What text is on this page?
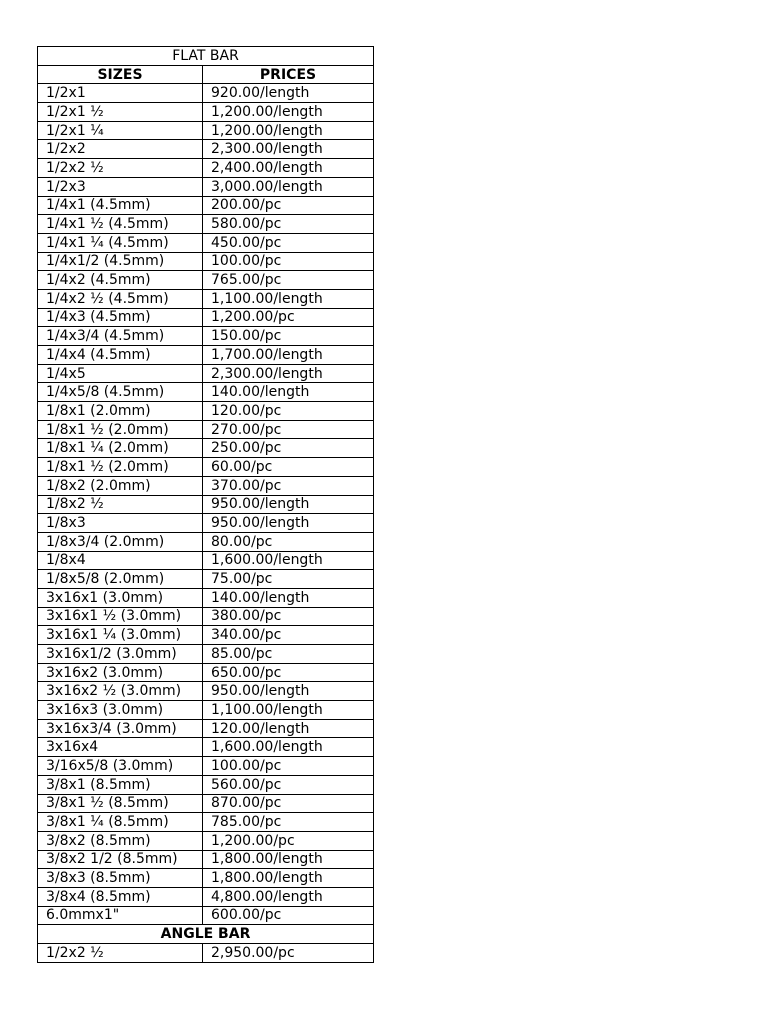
FLAT BAR	
SIZES	PRICES
1/2x1	920.00/length
1/2x1 ½	1,200.00/length
1/2x1 ¼	1,200.00/length
1/2x2	2,300.00/length
1/2x2 ½	2,400.00/length
1/2x3	3,000.00/length
1/4x1 (4.5mm)	200.00/pc
1/4x1 ½ (4.5mm)	580.00/pc
1/4x1 ¼ (4.5mm)	450.00/pc
1/4x1/2 (4.5mm)	100.00/pc
1/4x2 (4.5mm)	765.00/pc
1/4x2 ½ (4.5mm)	1,100.00/length
1/4x3 (4.5mm)	1,200.00/pc
1/4x3/4 (4.5mm)	150.00/pc
1/4x4 (4.5mm)	1,700.00/length
1/4x5	2,300.00/length
1/4x5/8 (4.5mm)	140.00/length
1/8x1 (2.0mm)	120.00/pc
1/8x1 ½ (2.0mm)	270.00/pc
1/8x1 ¼ (2.0mm)	250.00/pc
1/8x1 ½ (2.0mm)	60.00/pc
1/8x2 (2.0mm)	370.00/pc
1/8x2 ½	950.00/length
1/8x3	950.00/length
1/8x3/4 (2.0mm)	80.00/pc
1/8x4	1,600.00/length
1/8x5/8 (2.0mm)	75.00/pc
3x16x1 (3.0mm)	140.00/length
3x16x1 ½ (3.0mm)	380.00/pc
3x16x1 ¼ (3.0mm)	340.00/pc
3x16x1/2 (3.0mm)	85.00/pc
3x16x2 (3.0mm)	650.00/pc
3x16x2 ½ (3.0mm)	950.00/length
3x16x3 (3.0mm)	1,100.00/length
3x16x3/4 (3.0mm)	120.00/length
3x16x4	1,600.00/length
3/16x5/8 (3.0mm)	100.00/pc
3/8x1 (8.5mm)	560.00/pc
3/8x1 ½ (8.5mm)	870.00/pc
3/8x1 ¼ (8.5mm)	785.00/pc
3/8x2 (8.5mm)	1,200.00/pc
3/8x2 1/2 (8.5mm)	1,800.00/length
3/8x3 (8.5mm)	1,800.00/length
3/8x4 (8.5mm)	4,800.00/length
6.0mmx1"	600.00/pc
ANGLE BAR	
1/2x2 ½	2,950.00/pc
